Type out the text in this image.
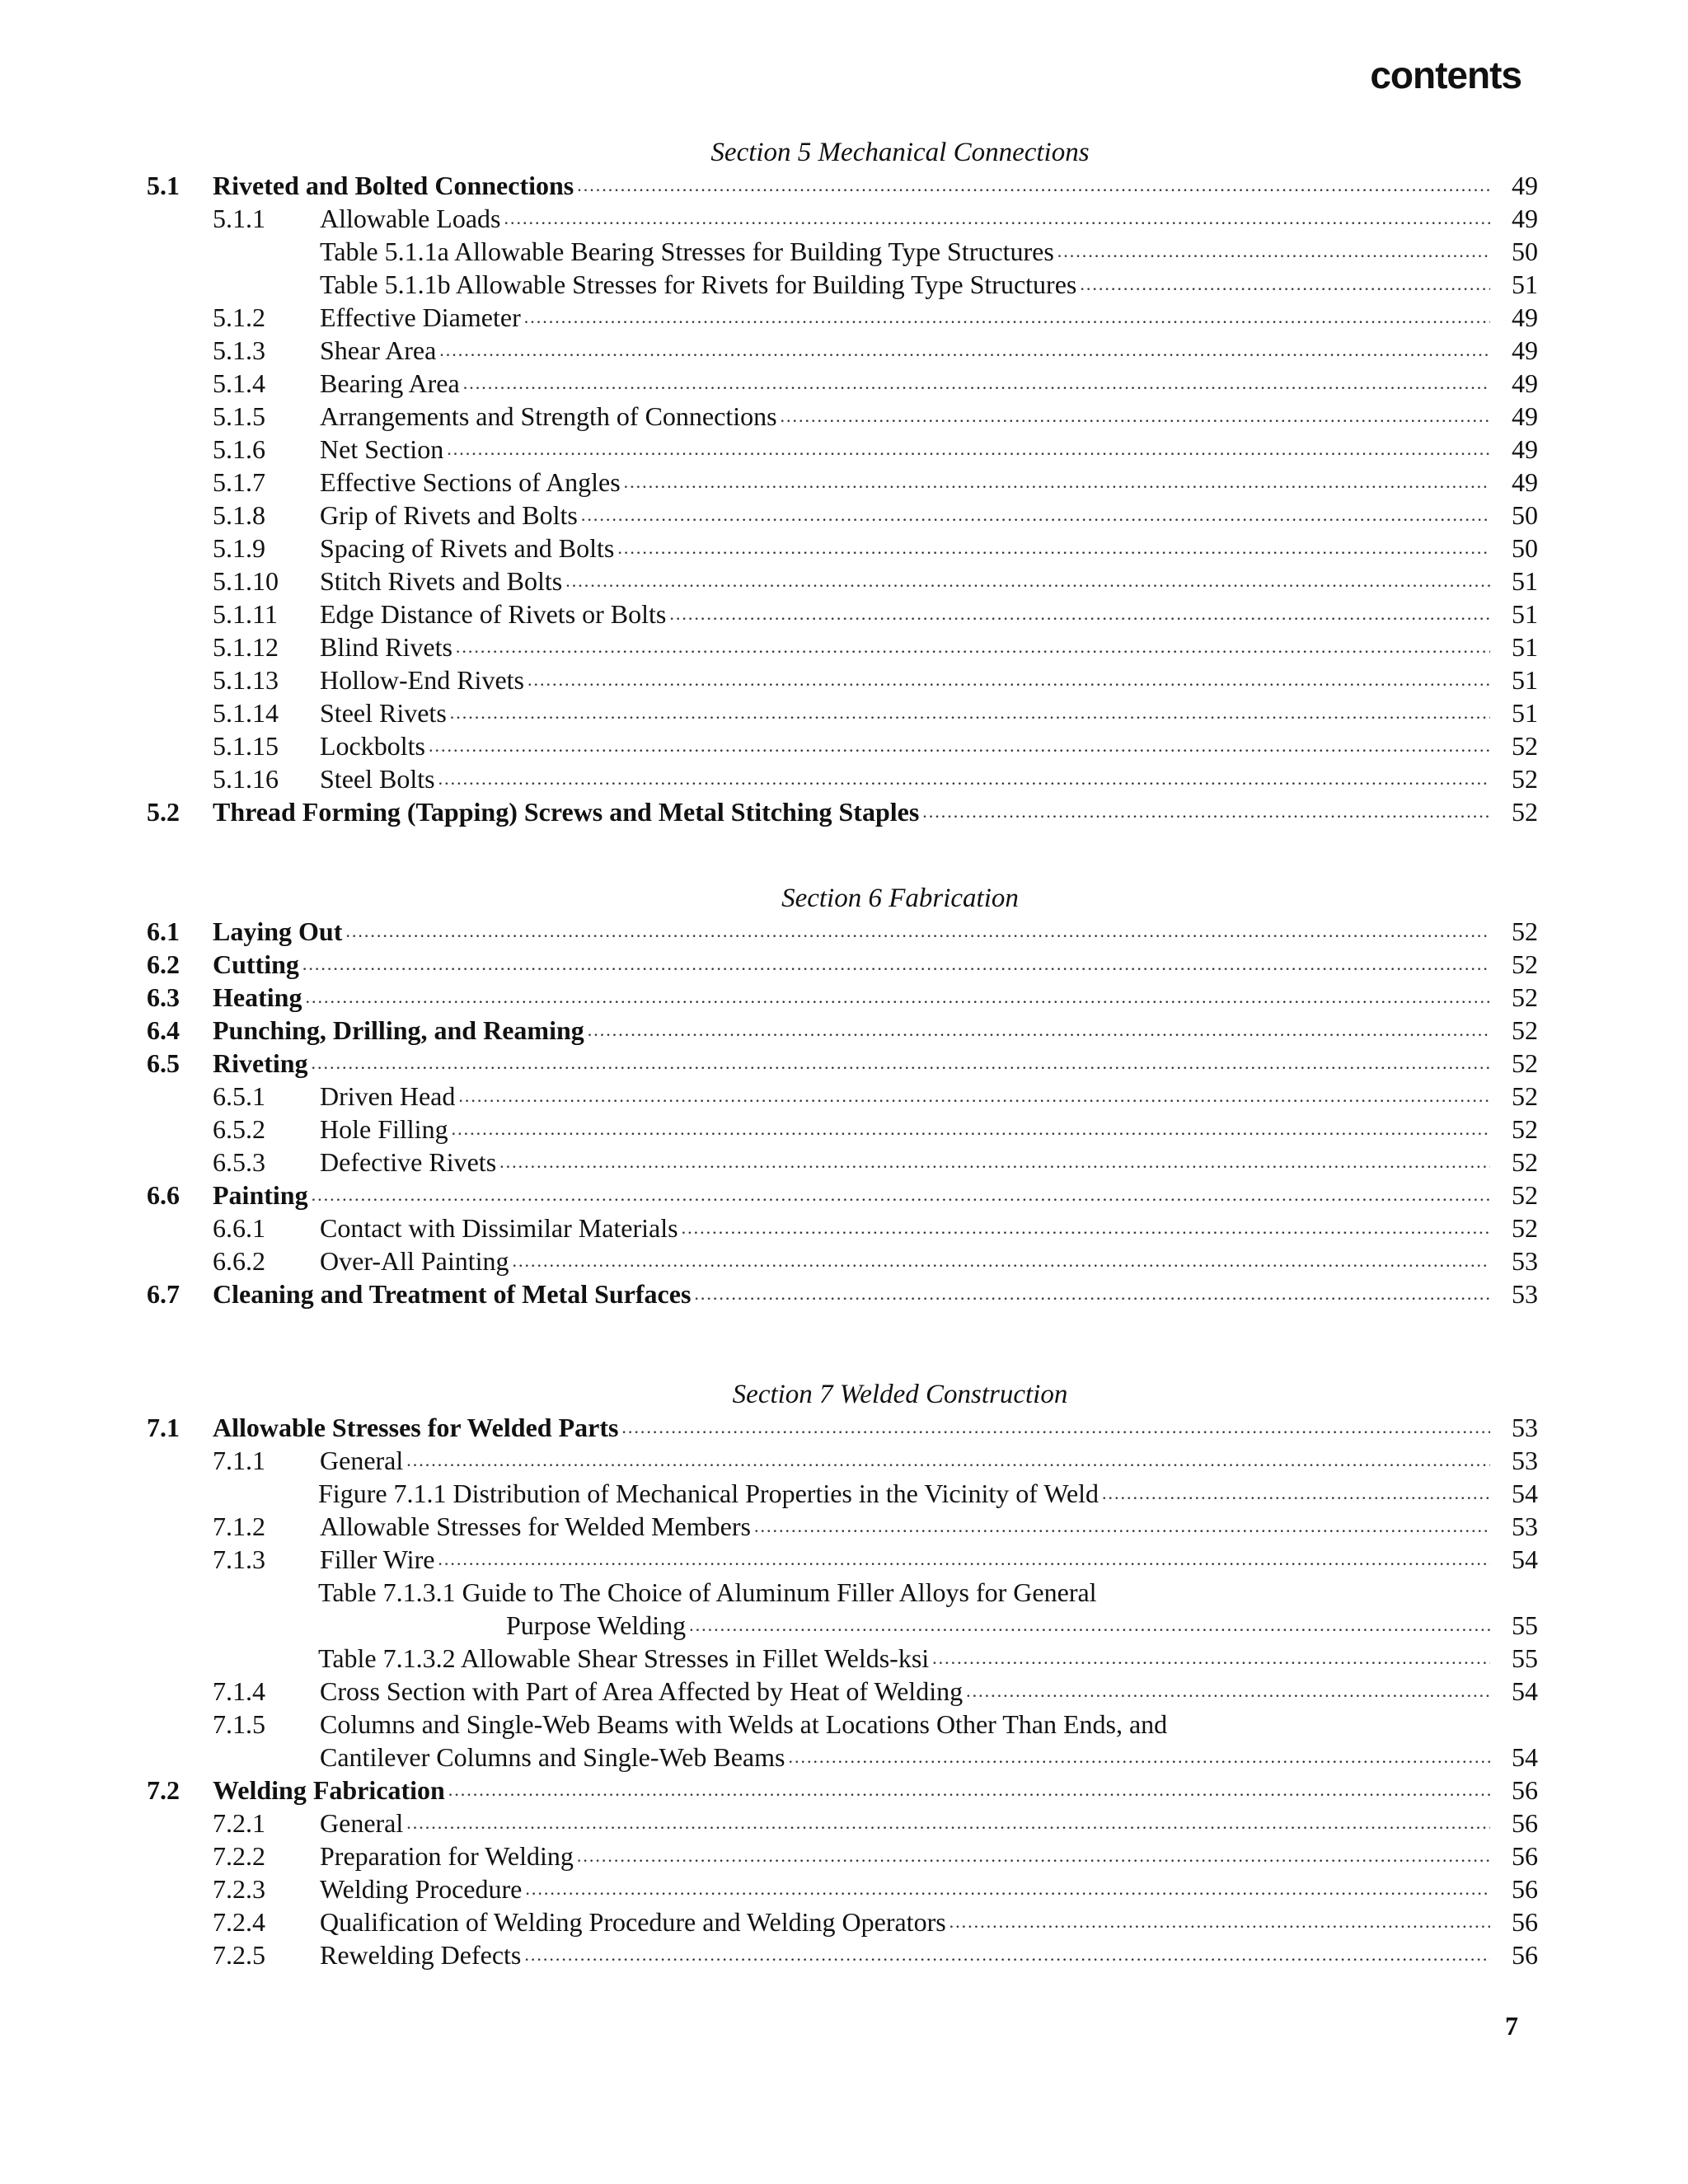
contents
Section 5 Mechanical Connections
5.1 Riveted and Bolted Connections .....	49
5.1.1 Allowable Loads .....	49
Table 5.1.1a Allowable Bearing Stresses for Building Type Structures .....	50
Table 5.1.1b Allowable Stresses for Rivets for Building Type Structures .....	51
5.1.2 Effective Diameter .....	49
5.1.3 Shear Area .....	49
5.1.4 Bearing Area .....	49
5.1.5 Arrangements and Strength of Connections .....	49
5.1.6 Net Section .....	49
5.1.7 Effective Sections of Angles .....	49
5.1.8 Grip of Rivets and Bolts .....	50
5.1.9 Spacing of Rivets and Bolts .....	50
5.1.10 Stitch Rivets and Bolts .....	51
5.1.11 Edge Distance of Rivets or Bolts .....	51
5.1.12 Blind Rivets .....	51
5.1.13 Hollow-End Rivets .....	51
5.1.14 Steel Rivets .....	51
5.1.15 Lockbolts .....	52
5.1.16 Steel Bolts .....	52
5.2 Thread Forming (Tapping) Screws and Metal Stitching Staples .....	52
Section 6 Fabrication
6.1 Laying Out .....	52
6.2 Cutting .....	52
6.3 Heating .....	52
6.4 Punching, Drilling, and Reaming .....	52
6.5 Riveting .....	52
6.5.1 Driven Head .....	52
6.5.2 Hole Filling .....	52
6.5.3 Defective Rivets .....	52
6.6 Painting .....	52
6.6.1 Contact with Dissimilar Materials .....	52
6.6.2 Over-All Painting .....	53
6.7 Cleaning and Treatment of Metal Surfaces .....	53
Section 7 Welded Construction
7.1 Allowable Stresses for Welded Parts .....	53
7.1.1 General .....	53
Figure 7.1.1 Distribution of Mechanical Properties in the Vicinity of Weld .....	54
7.1.2 Allowable Stresses for Welded Members .....	53
7.1.3 Filler Wire .....	54
Table 7.1.3.1 Guide to The Choice of Aluminum Filler Alloys for General
Purpose Welding .....	55
Table 7.1.3.2 Allowable Shear Stresses in Fillet Welds-ksi .....	55
7.1.4 Cross Section with Part of Area Affected by Heat of Welding .....	54
7.1.5 Columns and Single-Web Beams with Welds at Locations Other Than Ends, and
Cantilever Columns and Single-Web Beams .....	54
7.2 Welding Fabrication .....	56
7.2.1 General .....	56
7.2.2 Preparation for Welding .....	56
7.2.3 Welding Procedure .....	56
7.2.4 Qualification of Welding Procedure and Welding Operators .....	56
7.2.5 Rewelding Defects .....	56
7
